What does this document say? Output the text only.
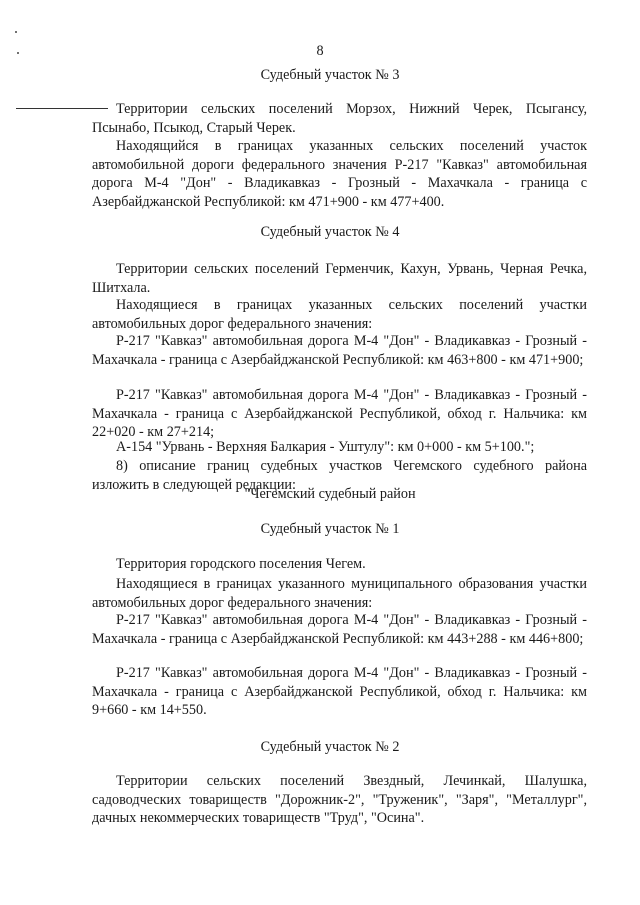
8
Судебный участок № 3
Территории сельских поселений Морзох, Нижний Черек, Псыгансу, Псынабо, Псыкод, Старый Черек.
Находящийся в границах указанных сельских поселений участок автомобильной дороги федерального значения Р-217 "Кавказ" автомобильная дорога М-4 "Дон" - Владикавказ - Грозный - Махачкала - граница с Азербайджанской Республикой: км 471+900 - км 477+400.
Судебный участок № 4
Территории сельских поселений Герменчик, Кахун, Урвань, Черная Речка, Шитхала.
Находящиеся в границах указанных сельских поселений участки автомобильных дорог федерального значения:
Р-217 "Кавказ" автомобильная дорога М-4 "Дон" - Владикавказ - Грозный - Махачкала - граница с Азербайджанской Республикой: км 463+800 - км 471+900;
Р-217 "Кавказ" автомобильная дорога М-4 "Дон" - Владикавказ - Грозный - Махачкала - граница с Азербайджанской Республикой, обход г. Нальчика: км 22+020 - км 27+214;
А-154 "Урвань - Верхняя Балкария - Уштулу": км 0+000 - км 5+100.";
8) описание границ судебных участков Чегемского судебного района изложить в следующей редакции:
"Чегемский судебный район
Судебный участок № 1
Территория городского поселения Чегем.
Находящиеся в границах указанного муниципального образования участки автомобильных дорог федерального значения:
Р-217 "Кавказ" автомобильная дорога М-4 "Дон" - Владикавказ - Грозный - Махачкала - граница с Азербайджанской Республикой: км 443+288 - км 446+800;
Р-217 "Кавказ" автомобильная дорога М-4 "Дон" - Владикавказ - Грозный - Махачкала - граница с Азербайджанской Республикой, обход г. Нальчика: км 9+660 - км 14+550.
Судебный участок № 2
Территории сельских поселений Звездный, Лечинкай, Шалушка, садоводческих товариществ "Дорожник-2", "Труженик", "Заря", "Металлург", дачных некоммерческих товариществ "Труд", "Осина".
